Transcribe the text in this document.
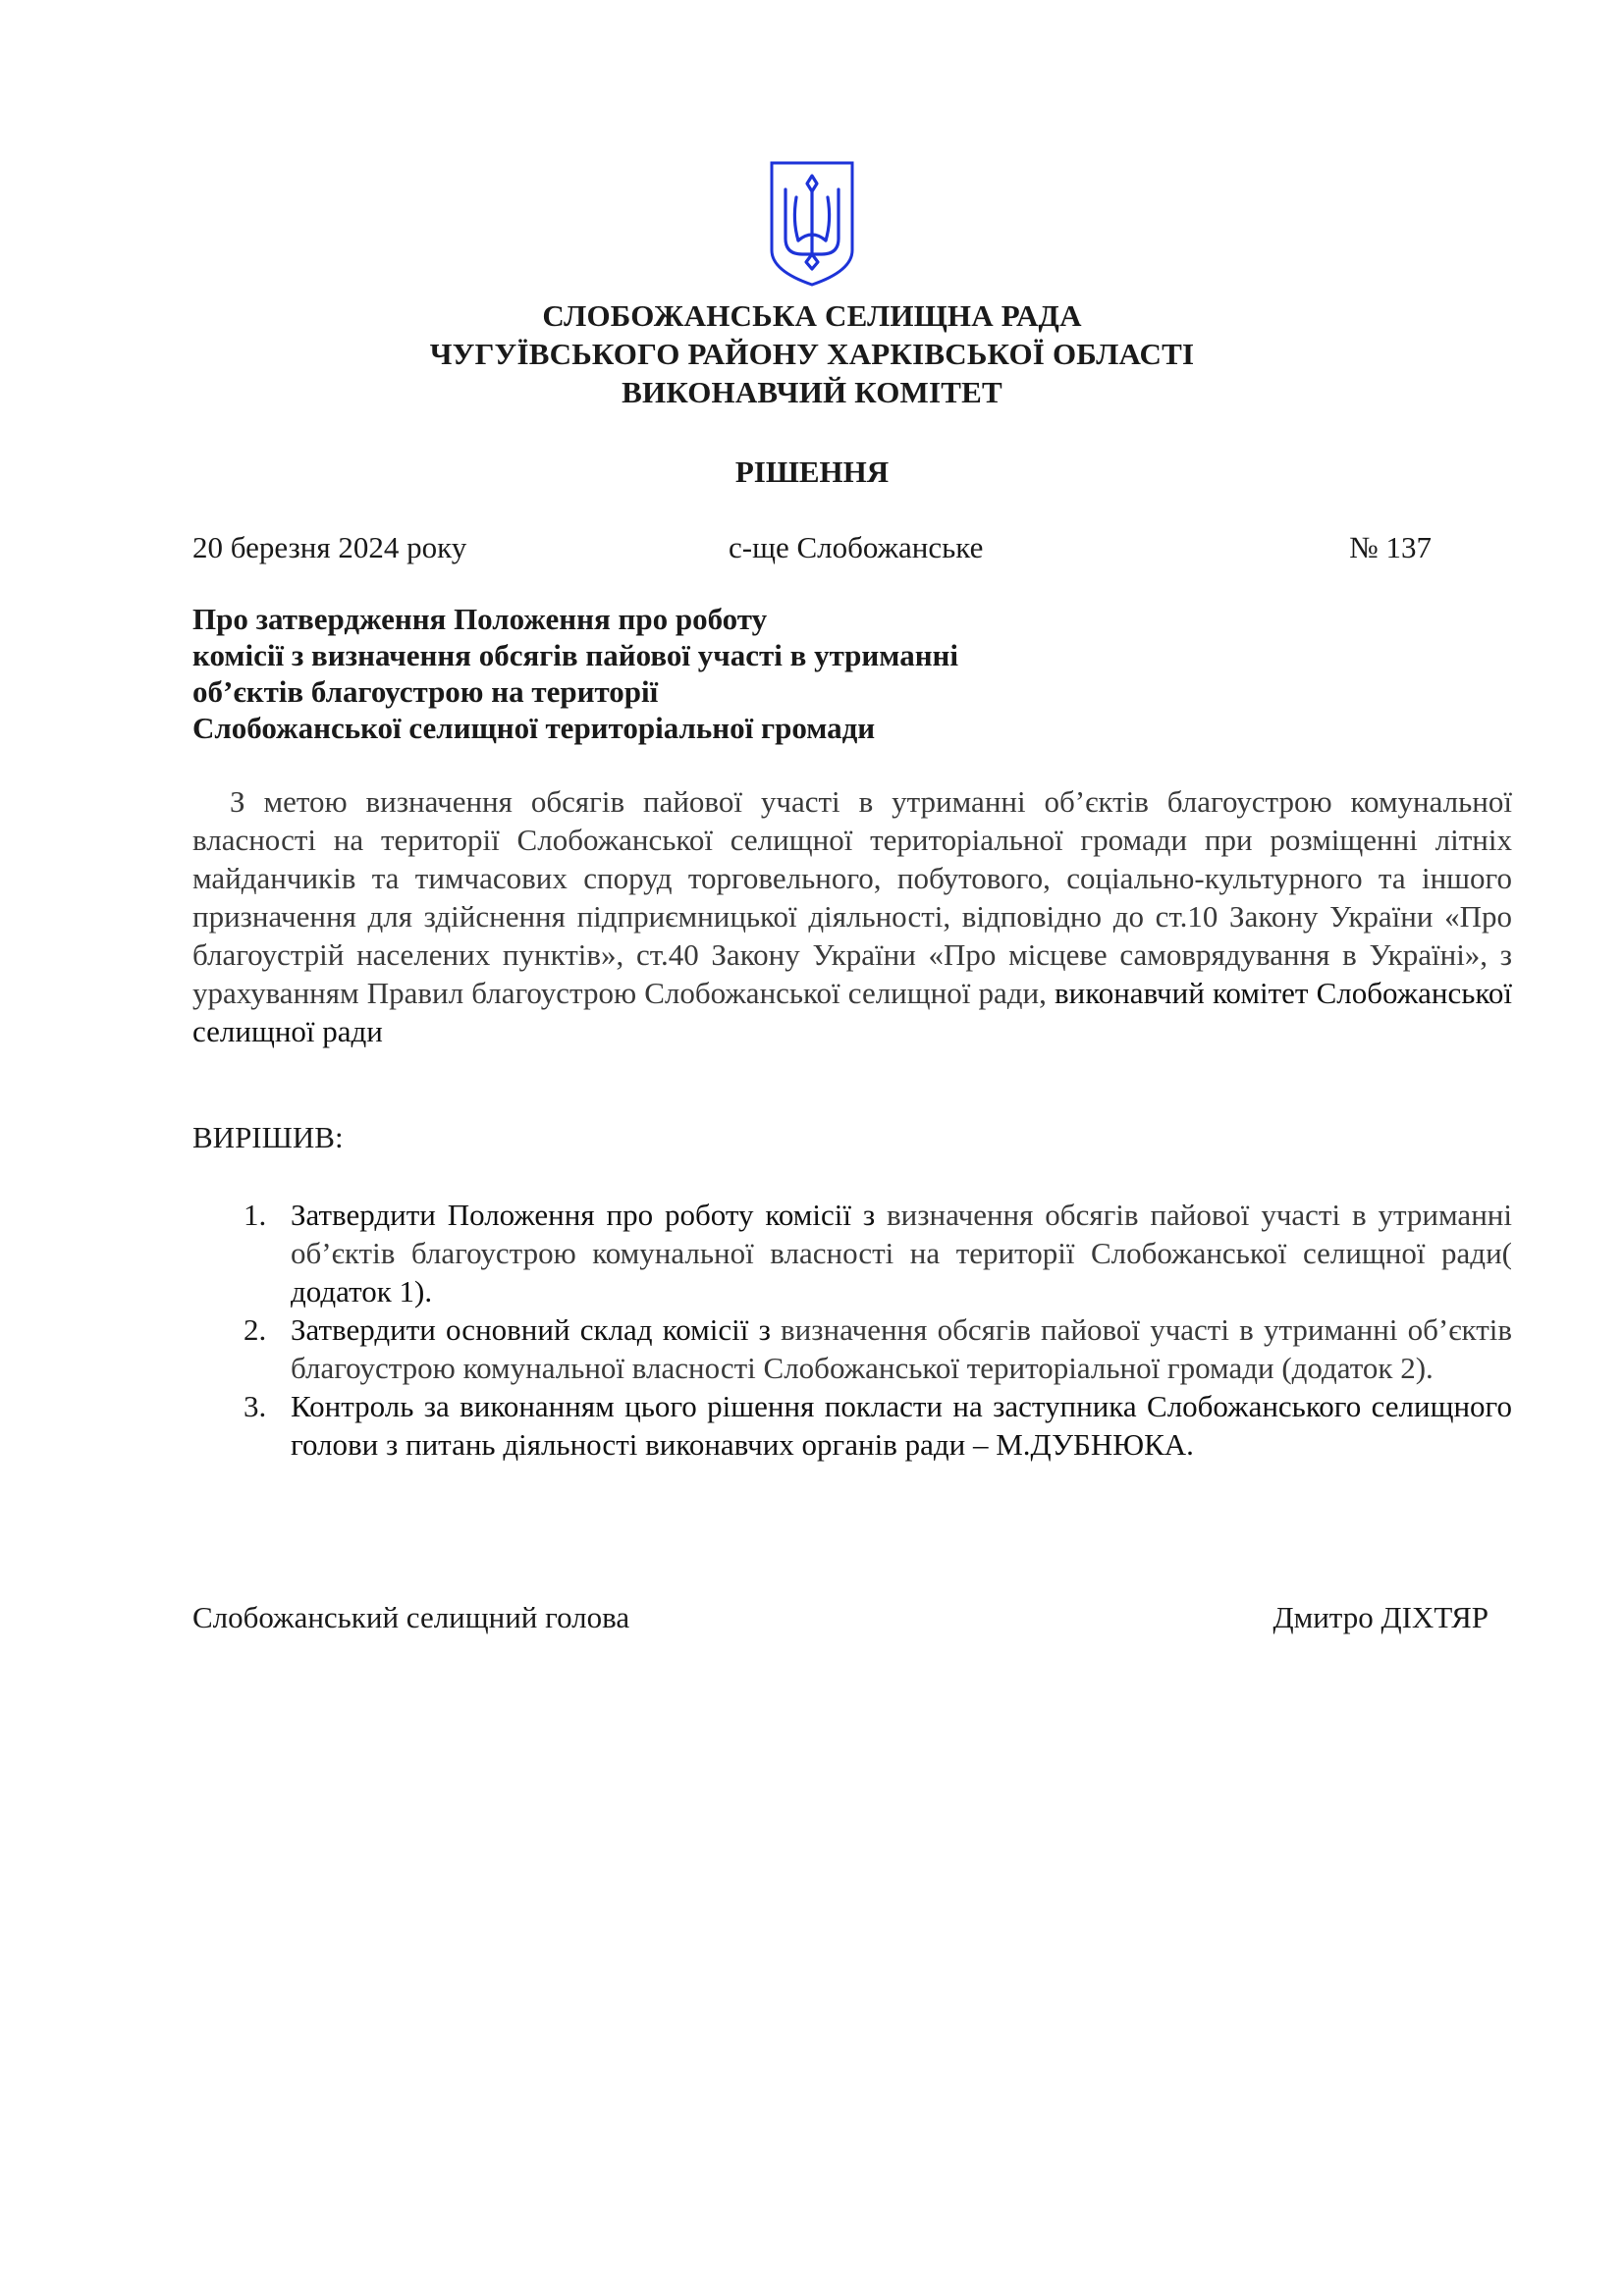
СЛОБОЖАНСЬКА СЕЛИЩНА РАДА
ЧУГУЇВСЬКОГО РАЙОНУ ХАРКІВСЬКОЇ ОБЛАСТІ
ВИКОНАВЧИЙ КОМІТЕТ
РІШЕННЯ
20 березня 2024 року	с-ще Слобожанське	№ 137
Про затвердження Положення про роботу
комісії з визначення обсягів пайової участі в утриманні
об’єктів благоустрою на території
Слобожанської селищної територіальної громади
З метою визначення обсягів пайової участі в утриманні об’єктів благоустрою комунальної власності на території Слобожанської селищної територіальної громади при розміщенні літніх майданчиків та тимчасових споруд торговельного, побутового, соціально-культурного та іншого призначення для здійснення підприємницької діяльності, відповідно до ст.10 Закону України «Про благоустрій населених пунктів», ст.40 Закону України «Про місцеве самоврядування в Україні», з урахуванням Правил благоустрою Слобожанської селищної ради, виконавчий комітет Слобожанської селищної ради
ВИРІШИВ:
1. Затвердити Положення про роботу комісії з визначення обсягів пайової участі в утриманні об’єктів благоустрою комунальної власності на території Слобожанської селищної ради( додаток 1).
2. Затвердити основний склад комісії з визначення обсягів пайової участі в утриманні об’єктів благоустрою комунальної власності Слобожанської територіальної громади (додаток 2).
3. Контроль за виконанням цього рішення покласти на заступника Слобожанського селищного голови з питань діяльності виконавчих органів ради – М.ДУБНЮКА.
Слобожанський селищний голова	Дмитро ДІХТЯР
